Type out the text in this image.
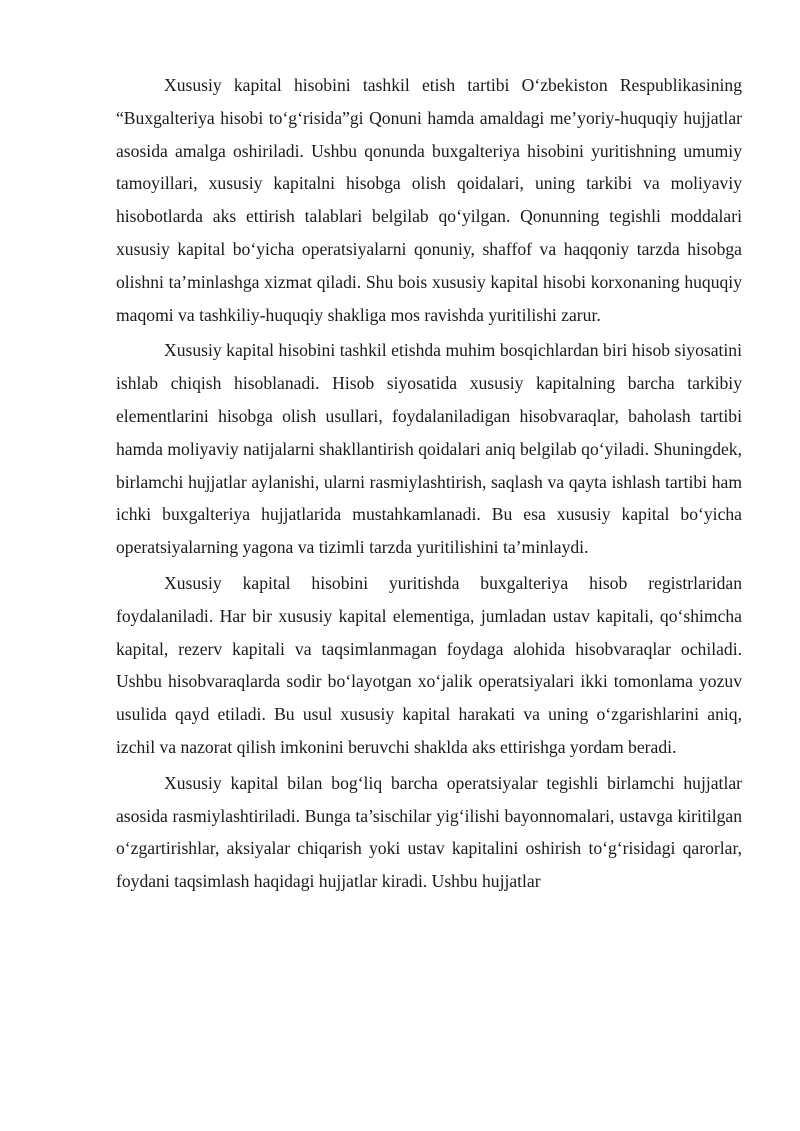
Xususiy kapital hisobini tashkil etish tartibi O‘zbekiston Respublikasining “Buxgalteriya hisobi to‘g‘risida”gi Qonuni hamda amaldagi me’yoriy-huquqiy hujjatlar asosida amalga oshiriladi. Ushbu qonunda buxgalteriya hisobini yuritishning umumiy tamoyillari, xususiy kapitalni hisobga olish qoidalari, uning tarkibi va moliyaviy hisobotlarda aks ettirish talablari belgilab qo‘yilgan. Qonunning tegishli moddalari xususiy kapital bo‘yicha operatsiyalarni qonuniy, shaffof va haqqoniy tarzda hisobga olishni ta’minlashga xizmat qiladi. Shu bois xususiy kapital hisobi korxonaning huquqiy maqomi va tashkiliy-huquqiy shakliga mos ravishda yuritilishi zarur.

Xususiy kapital hisobini tashkil etishda muhim bosqichlardan biri hisob siyosatini ishlab chiqish hisoblanadi. Hisob siyosatida xususiy kapitalning barcha tarkibiy elementlarini hisobga olish usullari, foydalaniladigan hisobvaraqlar, baholash tartibi hamda moliyaviy natijalarni shakllantirish qoidalari aniq belgilab qo‘yiladi. Shuningdek, birlamchi hujjatlar aylanishi, ularni rasmiylashtirish, saqlash va qayta ishlash tartibi ham ichki buxgalteriya hujjatlarida mustahkamlanadi. Bu esa xususiy kapital bo‘yicha operatsiyalarning yagona va tizimli tarzda yuritilishini ta’minlaydi.

Xususiy kapital hisobini yuritishda buxgalteriya hisob registrlaridan foydalaniladi. Har bir xususiy kapital elementiga, jumladan ustav kapitali, qo‘shimcha kapital, rezerv kapitali va taqsimlanmagan foydaga alohida hisobvaraqlar ochiladi. Ushbu hisobvaraqlarda sodir bo‘layotgan xo‘jalik operatsiyalari ikki tomonlama yozuv usulida qayd etiladi. Bu usul xususiy kapital harakati va uning o‘zgarishlarini aniq, izchil va nazorat qilish imkonini beruvchi shaklda aks ettirishga yordam beradi.

Xususiy kapital bilan bog‘liq barcha operatsiyalar tegishli birlamchi hujjatlar asosida rasmiylashtiriladi. Bunga ta’sischilar yig‘ilishi bayonnomalari, ustavga kiritilgan o‘zgartirishlar, aksiyalar chiqarish yoki ustav kapitalini oshirish to‘g‘risidagi qarorlar, foydani taqsimlash haqidagi hujjatlar kiradi. Ushbu hujjatlar
